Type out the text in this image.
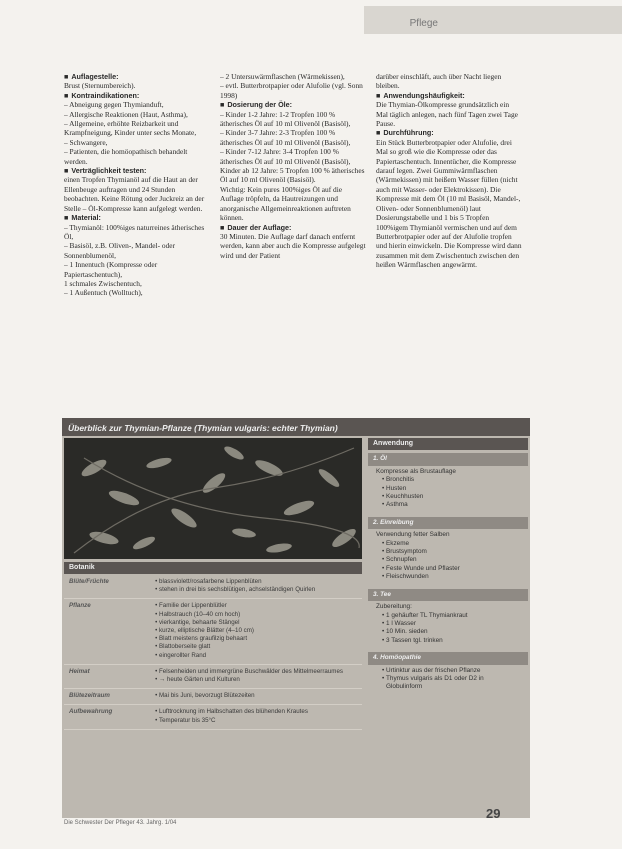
Pflege

■ Auflagestelle:

Brust (Sternumbereich).

■ Kontraindikationen:

– Abneigung gegen Thymianduft,

– Allergische Reaktionen (Haut, Asthma),

– Allgemeine, erhöhte Reizbarkeit und Krampfneigung, Kinder unter sechs Monate,

– Schwangere,

– Patienten, die homöopathisch behandelt werden.

■ Verträglichkeit testen:

einen Tropfen Thymianöl auf die Haut an der Ellenbeuge auftragen und 24 Stunden beobachten. Keine Rötung oder Juckreiz an der Stelle – Öl-Kompresse kann aufgelegt werden.

■ Material:

– Thymianöl: 100%iges naturreines ätherisches Öl,

– Basisöl, z.B. Oliven-, Mandel- oder Sonnenblumenöl,

– 1 Innentuch (Kompresse oder Papiertaschentuch),

1 schmales Zwischentuch,

– 1 Außentuch (Wolltuch),

– 2 Untersuwärmflaschen (Wärmekissen),

– evtl. Butterbrotpapier oder Alufolie (vgl. Sonn 1998)

■ Dosierung der Öle:

– Kinder 1-2 Jahre: 1-2 Tropfen 100 % ätherisches Öl auf 10 ml Olivenöl (Basisöl),

– Kinder 3-7 Jahre: 2-3 Tropfen 100 % ätherisches Öl auf 10 ml Olivenöl (Basisöl),

– Kinder 7-12 Jahre: 3-4 Tropfen 100 % ätherisches Öl auf 10 ml Olivenöl (Basisöl),

Kinder ab 12 Jahre: 5 Tropfen 100 % ätherisches Öl auf 10 ml Olivenöl (Basisöl).

Wichtig: Kein pures 100%iges Öl auf die Auflage tröpfeln, da Hautreizungen und anorganische Allgemeinreaktionen auftreten können.

■ Dauer der Auflage:

30 Minuten. Die Auflage darf danach entfernt werden, kann aber auch die Kompresse aufgelegt wird und der Patient

darüber einschläft, auch über Nacht liegen bleiben.

■ Anwendungshäufigkeit:

Die Thymian-Ölkompresse grundsätzlich ein Mal täglich anlegen, nach fünf Tagen zwei Tage Pause.

■ Durchführung:

Ein Stück Butterbrotpapier oder Alufolie, drei Mal so groß wie die Kompresse oder das Papiertaschentuch. Innentücher, die Kompresse darauf legen. Zwei Gummiwärmflaschen (Wärmekissen) mit heißem Wasser füllen (nicht auch mit Wasser- oder Elektrokissen). Die Kompresse mit dem Öl (10 ml Basisöl, Mandel-, Oliven- oder Sonnenblumenöl) laut Dosierungstabelle und 1 bis 5 Tropfen 100%igem Thymianöl vermischen und auf dem Butterbrotpapier oder auf der Alufolie tropfen und hierin einwickeln. Die Kompresse wird dann zusammen mit dem Zwischentuch zwischen den heißen Wärmflaschen angewärmt.

Überblick zur Thymian-Pflanze (Thymian vulgaris: echter Thymian)
Botanik
Blüte/Früchte	• blassviolett/rosafarbene Lippenblüten
• stehen in drei bis sechsblütigen, achselständigen Quirlen
Pflanze	• Familie der Lippenblütler
• Halbstrauch (10–40 cm hoch)
• vierkantige, behaarte Stängel
• kurze, elliptische Blätter (4–10 cm)
• Blatt meistens graufilzig behaart
• Blattoberseite glatt
• eingerollter Rand
Heimat	• Felsenheiden und immergrüne Buschwälder des Mittelmeerraumes
• → heute Gärten und Kulturen
Blütezeitraum	• Mai bis Juni, bevorzugt Blütezeiten
Aufbewahrung	• Lufttrocknung im Halbschatten des blühenden Krautes
• Temperatur bis 35°C
Anwendung
1. Öl
Kompresse als Brustauflage
• Bronchitis
• Husten
• Keuchhusten
• Asthma
2. Einreibung
Verwendung fetter Salben
• Ekzeme
• Brustsymptom
• Schnupfen
• Feste Wunde und Pflaster
• Fleischwunden
3. Tee
Zubereitung:
• 1 gehäufter TL Thymiankraut
• 1 l Wasser
• 10 Min. sieden
• 3 Tassen tgl. trinken
4. Homöopathie
• Urtinktur aus der frischen Pflanze
• Thymus vulgaris als D1 oder D2 in Globulinform
Die Schwester Der Pfleger 43. Jahrg. 1/04
29
